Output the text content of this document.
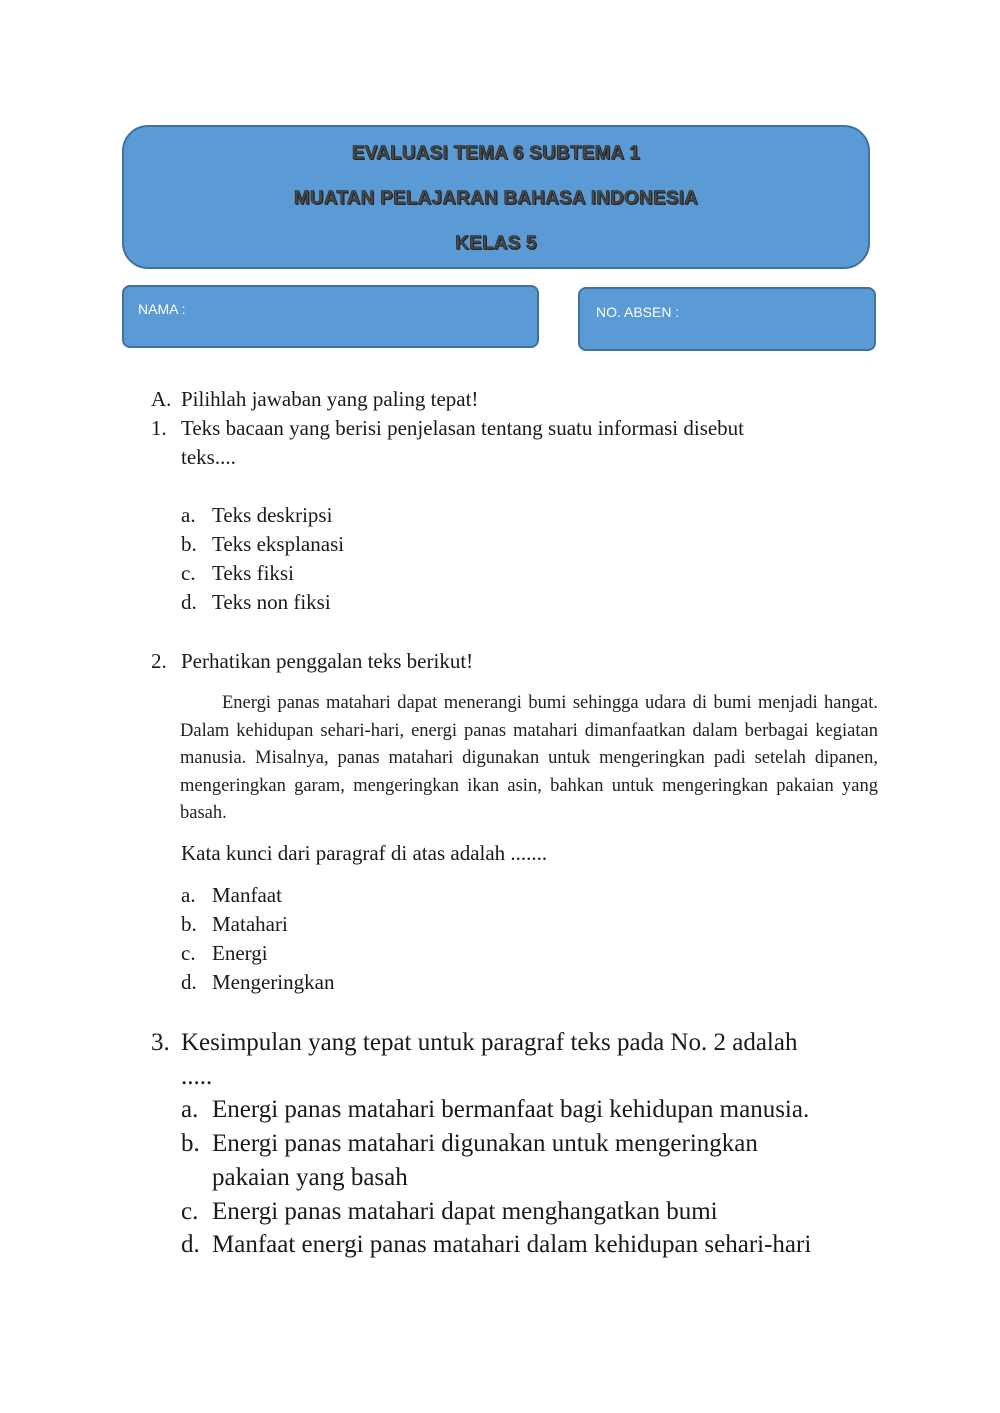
EVALUASI TEMA 6 SUBTEMA 1
MUATAN PELAJARAN BAHASA INDONESIA
KELAS 5
NAMA :	NO. ABSEN :
A. Pilihlah jawaban yang paling tepat!
1. Teks bacaan yang berisi penjelasan tentang suatu informasi disebut
teks....
a. Teks deskripsi
b. Teks eksplanasi
c. Teks fiksi
d. Teks non fiksi
2. Perhatikan penggalan teks berikut!
Energi panas matahari dapat menerangi bumi sehingga udara di bumi menjadi hangat. Dalam kehidupan sehari-hari, energi panas matahari dimanfaatkan dalam berbagai kegiatan manusia. Misalnya, panas matahari digunakan untuk mengeringkan padi setelah dipanen, mengeringkan garam, mengeringkan ikan asin, bahkan untuk mengeringkan pakaian yang basah.
Kata kunci dari paragraf di atas adalah .......
a. Manfaat
b. Matahari
c. Energi
d. Mengeringkan
3. Kesimpulan yang tepat untuk paragraf teks pada No. 2 adalah
.....
a. Energi panas matahari bermanfaat bagi kehidupan manusia.
b. Energi panas matahari digunakan untuk mengeringkan
pakaian yang basah
c. Energi panas matahari dapat menghangatkan bumi
d. Manfaat energi panas matahari dalam kehidupan sehari-hari
